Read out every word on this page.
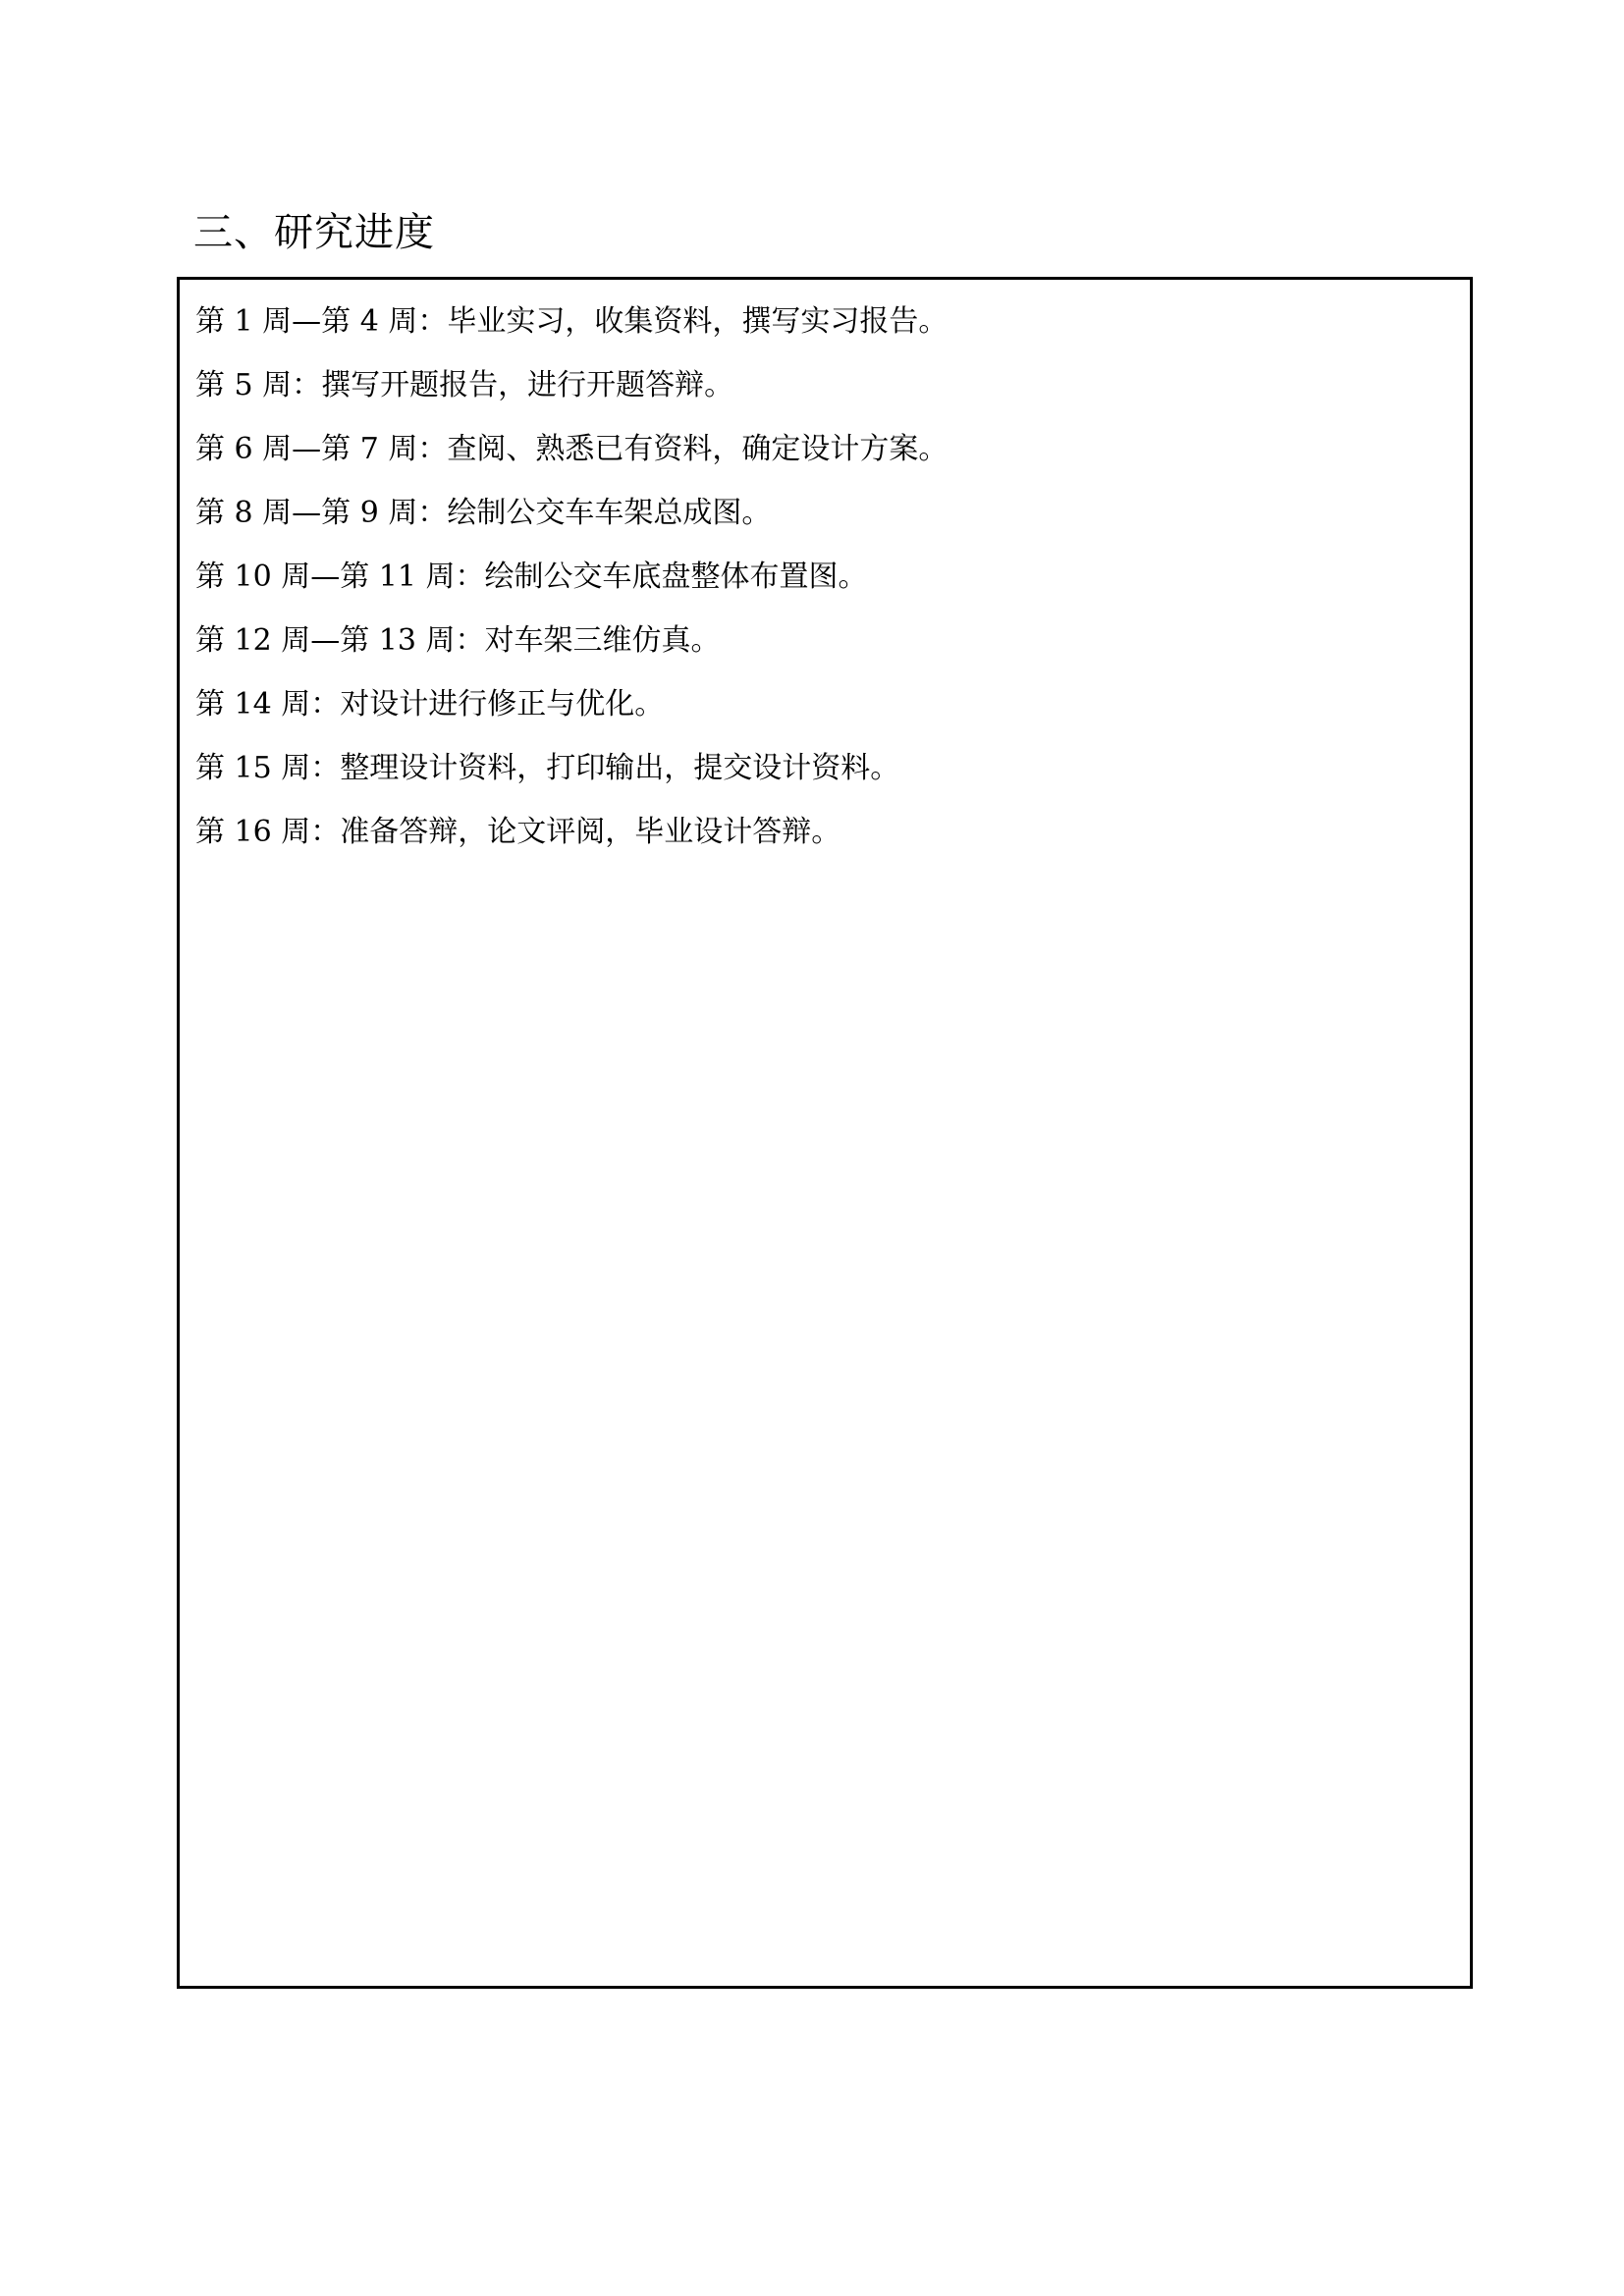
三、研究进度
第 1 周—第 4 周：毕业实习，收集资料，撰写实习报告。
第 5 周：撰写开题报告，进行开题答辩。
第 6 周—第 7 周：查阅、熟悉已有资料，确定设计方案。
第 8 周—第 9 周：绘制公交车车架总成图。
第 10 周—第 11 周：绘制公交车底盘整体布置图。
第 12 周—第 13 周：对车架三维仿真。
第 14 周：对设计进行修正与优化。
第 15 周：整理设计资料，打印输出，提交设计资料。
第 16 周：准备答辩，论文评阅，毕业设计答辩。
